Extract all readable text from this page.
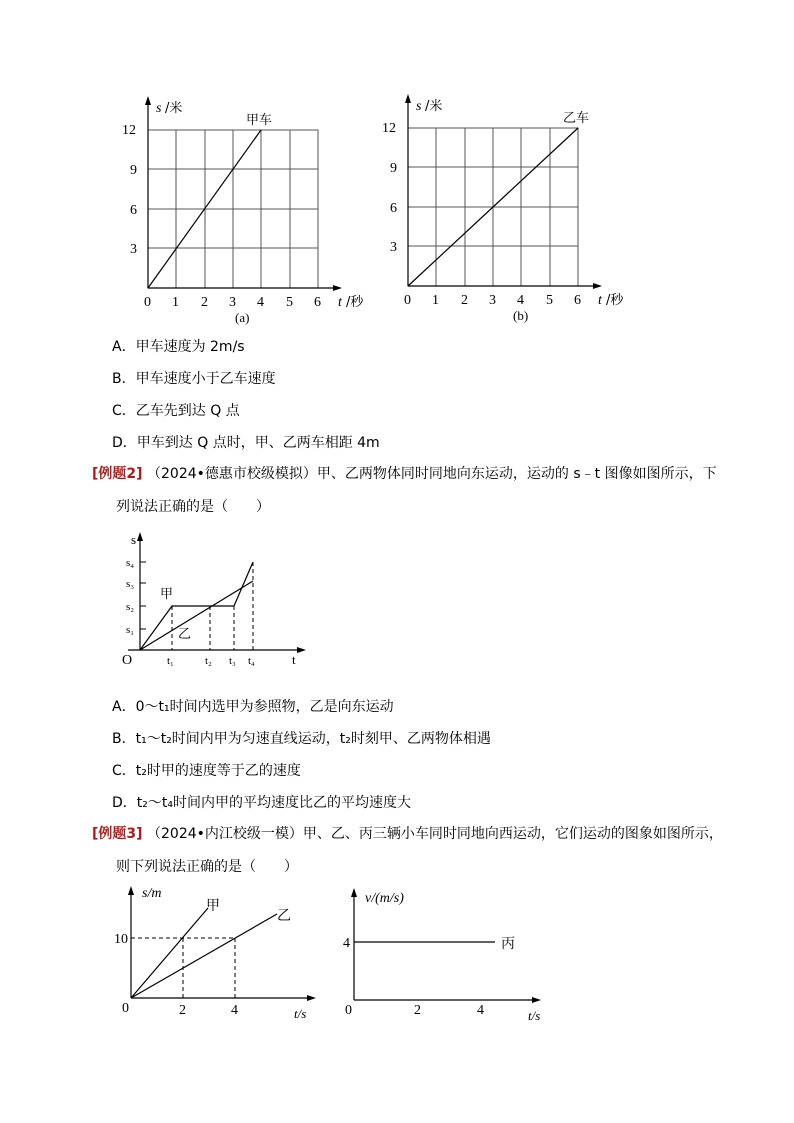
s /米
甲车
12
9
6
3
0 1 2 3 4 5 6 t /秒
(a)
s /米
乙车
12
9
6
3
0 1 2 3 4 5 6 t /秒
(b)
A．甲车速度为 2m/s
B．甲车速度小于乙车速度
C．乙车先到达 Q 点
D．甲车到达 Q 点时，甲、乙两车相距 4m
[例题2] （2024•德惠市校级模拟）甲、乙两物体同时同地向东运动，运动的 s﹣t 图像如图所示，下
列说法正确的是（　　）
s
s₄
s₃
s₂
s₁
O	t₁	t₂ t₃ t₄	t
甲
乙
A．0～t₁时间内选甲为参照物，乙是向东运动
B．t₁～t₂时间内甲为匀速直线运动，t₂时刻甲、乙两物体相遇
C．t₂时甲的速度等于乙的速度
D．t₂～t₄时间内甲的平均速度比乙的平均速度大
[例题3] （2024•内江校级一模）甲、乙、丙三辆小车同时同地向西运动，它们运动的图象如图所示，
则下列说法正确的是（　　）
s/m
甲
乙
10
0	2	4	t/s
v/(m/s)
4	丙
0	2	4	t/s
